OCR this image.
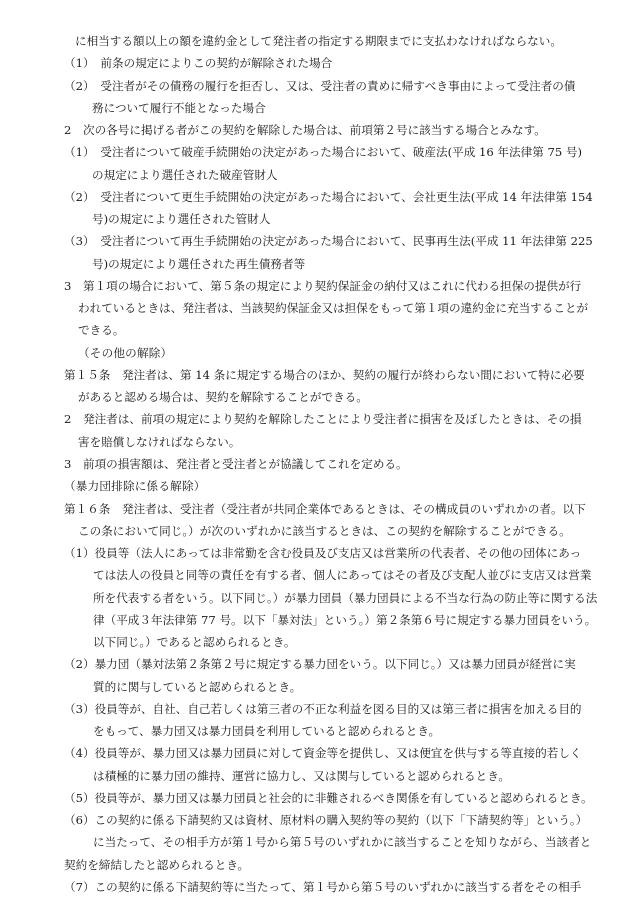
に相当する額以上の額を違約金として発注者の指定する期限までに支払わなければならない。
（1）　前条の規定によりこの契約が解除された場合
（2）　受注者がその債務の履行を拒否し、又は、受注者の責めに帰すべき事由によって受注者の債
務について履行不能となった場合
2　次の各号に掲げる者がこの契約を解除した場合は、前項第２号に該当する場合とみなす。
（1）　受注者について破産手続開始の決定があった場合において、破産法(平成 16 年法律第 75 号)
の規定により選任された破産管財人
（2）　受注者について更生手続開始の決定があった場合において、会社更生法(平成 14 年法律第 154
号)の規定により選任された管財人
（3）　受注者について再生手続開始の決定があった場合において、民事再生法(平成 11 年法律第 225
号)の規定により選任された再生債務者等
3　第１項の場合において、第５条の規定により契約保証金の納付又はこれに代わる担保の提供が行
われているときは、発注者は、当該契約保証金又は担保をもって第１項の違約金に充当することが
できる。
（その他の解除）
第１５条　発注者は、第 14 条に規定する場合のほか、契約の履行が終わらない間において特に必要
があると認める場合は、契約を解除することができる。
2　発注者は、前項の規定により契約を解除したことにより受注者に損害を及ぼしたときは、その損
害を賠償しなければならない。
3　前項の損害額は、発注者と受注者とが協議してこれを定める。
（暴力団排除に係る解除）
第１６条　発注者は、受注者（受注者が共同企業体であるときは、その構成員のいずれかの者。以下
この条において同じ。）が次のいずれかに該当するときは、この契約を解除することができる。
（1）役員等（法人にあっては非常勤を含む役員及び支店又は営業所の代表者、その他の団体にあっ
ては法人の役員と同等の責任を有する者、個人にあってはその者及び支配人並びに支店又は営業
所を代表する者をいう。以下同じ。）が暴力団員（暴力団員による不当な行為の防止等に関する法
律（平成３年法律第 77 号。以下「暴対法」という。）第２条第６号に規定する暴力団員をいう。
以下同じ。）であると認められるとき。
（2）暴力団（暴対法第２条第２号に規定する暴力団をいう。以下同じ。）又は暴力団員が経営に実
質的に関与していると認められるとき。
（3）役員等が、自社、自己若しくは第三者の不正な利益を図る目的又は第三者に損害を加える目的
をもって、暴力団又は暴力団員を利用していると認められるとき。
（4）役員等が、暴力団又は暴力団員に対して資金等を提供し、又は便宜を供与する等直接的若しく
は積極的に暴力団の維持、運営に協力し、又は関与していると認められるとき。
（5）役員等が、暴力団又は暴力団員と社会的に非難されるべき関係を有していると認められるとき。
（6）この契約に係る下請契約又は資材、原材料の購入契約等の契約（以下「下請契約等」という。）
に当たって、その相手方が第１号から第５号のいずれかに該当することを知りながら、当該者と
契約を締結したと認められるとき。
（7）この契約に係る下請契約等に当たって、第１号から第５号のいずれかに該当する者をその相手
